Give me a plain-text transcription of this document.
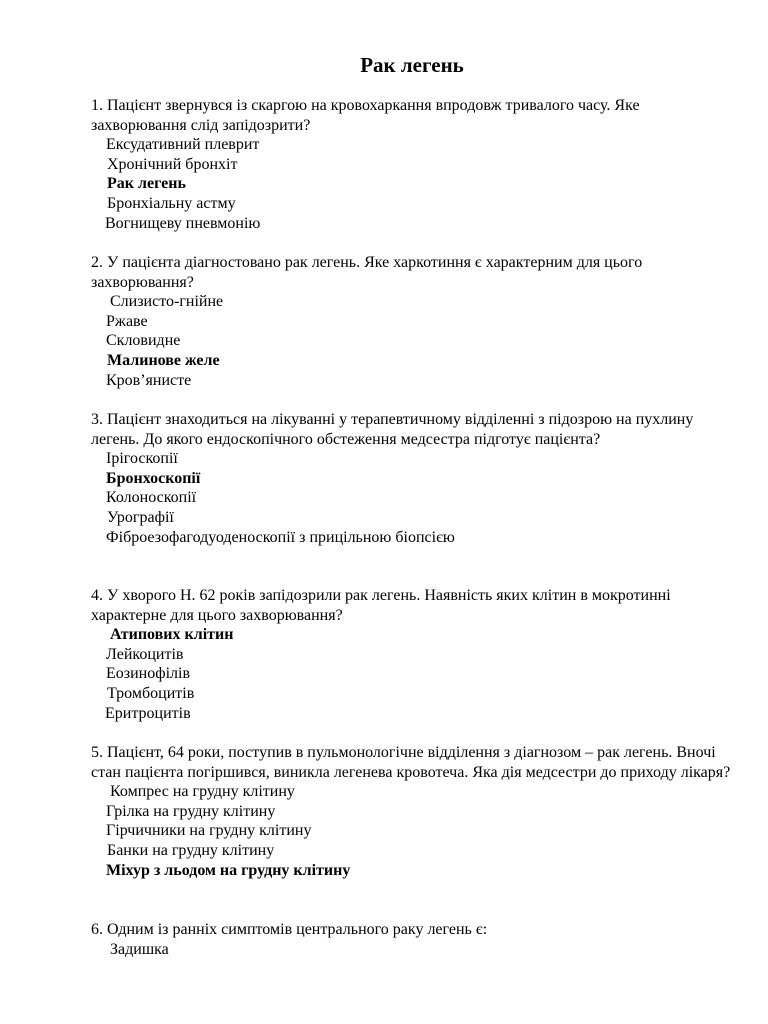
Рак легень

1. Пацієнт звернувся із скаргою на кровохаркання впродовж тривалого часу. Яке захворювання слід запідозрити?

Ексудативний плеврит
Хронічний бронхіт
Рак легень
Бронхіальну астму
Вогнищеву пневмонію

2. У пацієнта діагностовано рак легень. Яке харкотиння є характерним для цього захворювання?

Слизисто-гнійне
Ржаве
Скловидне
Малинове желе
Кров’янисте

3. Пацієнт знаходиться на лікуванні у терапевтичному відділенні з підозрою на пухлину легень. До якого ендоскопічного обстеження медсестра підготує пацієнта?

Ірігоскопії
Бронхоскопії
Колоноскопії
Урографії
Фіброезофагодуоденоскопії з прицільною біопсією

4. У хворого Н. 62 років запідозрили рак легень. Наявність яких клітин в мокротинні характерне для цього захворювання?

Атипових клітин
Лейкоцитів
Еозинофілів
Тромбоцитів
Еритроцитів

5. Пацієнт, 64 роки, поступив в пульмонологічне відділення з діагнозом – рак легень. Вночі стан пацієнта погіршився, виникла легенева кровотеча. Яка дія медсестри до приходу лікаря?

Компрес на грудну клітину
Грілка на грудну клітину
Гірчичники на грудну клітину
Банки на грудну клітину
Міхур з льодом на грудну клітину

6. Одним із ранніх симптомів центрального раку легень є:

Задишка
